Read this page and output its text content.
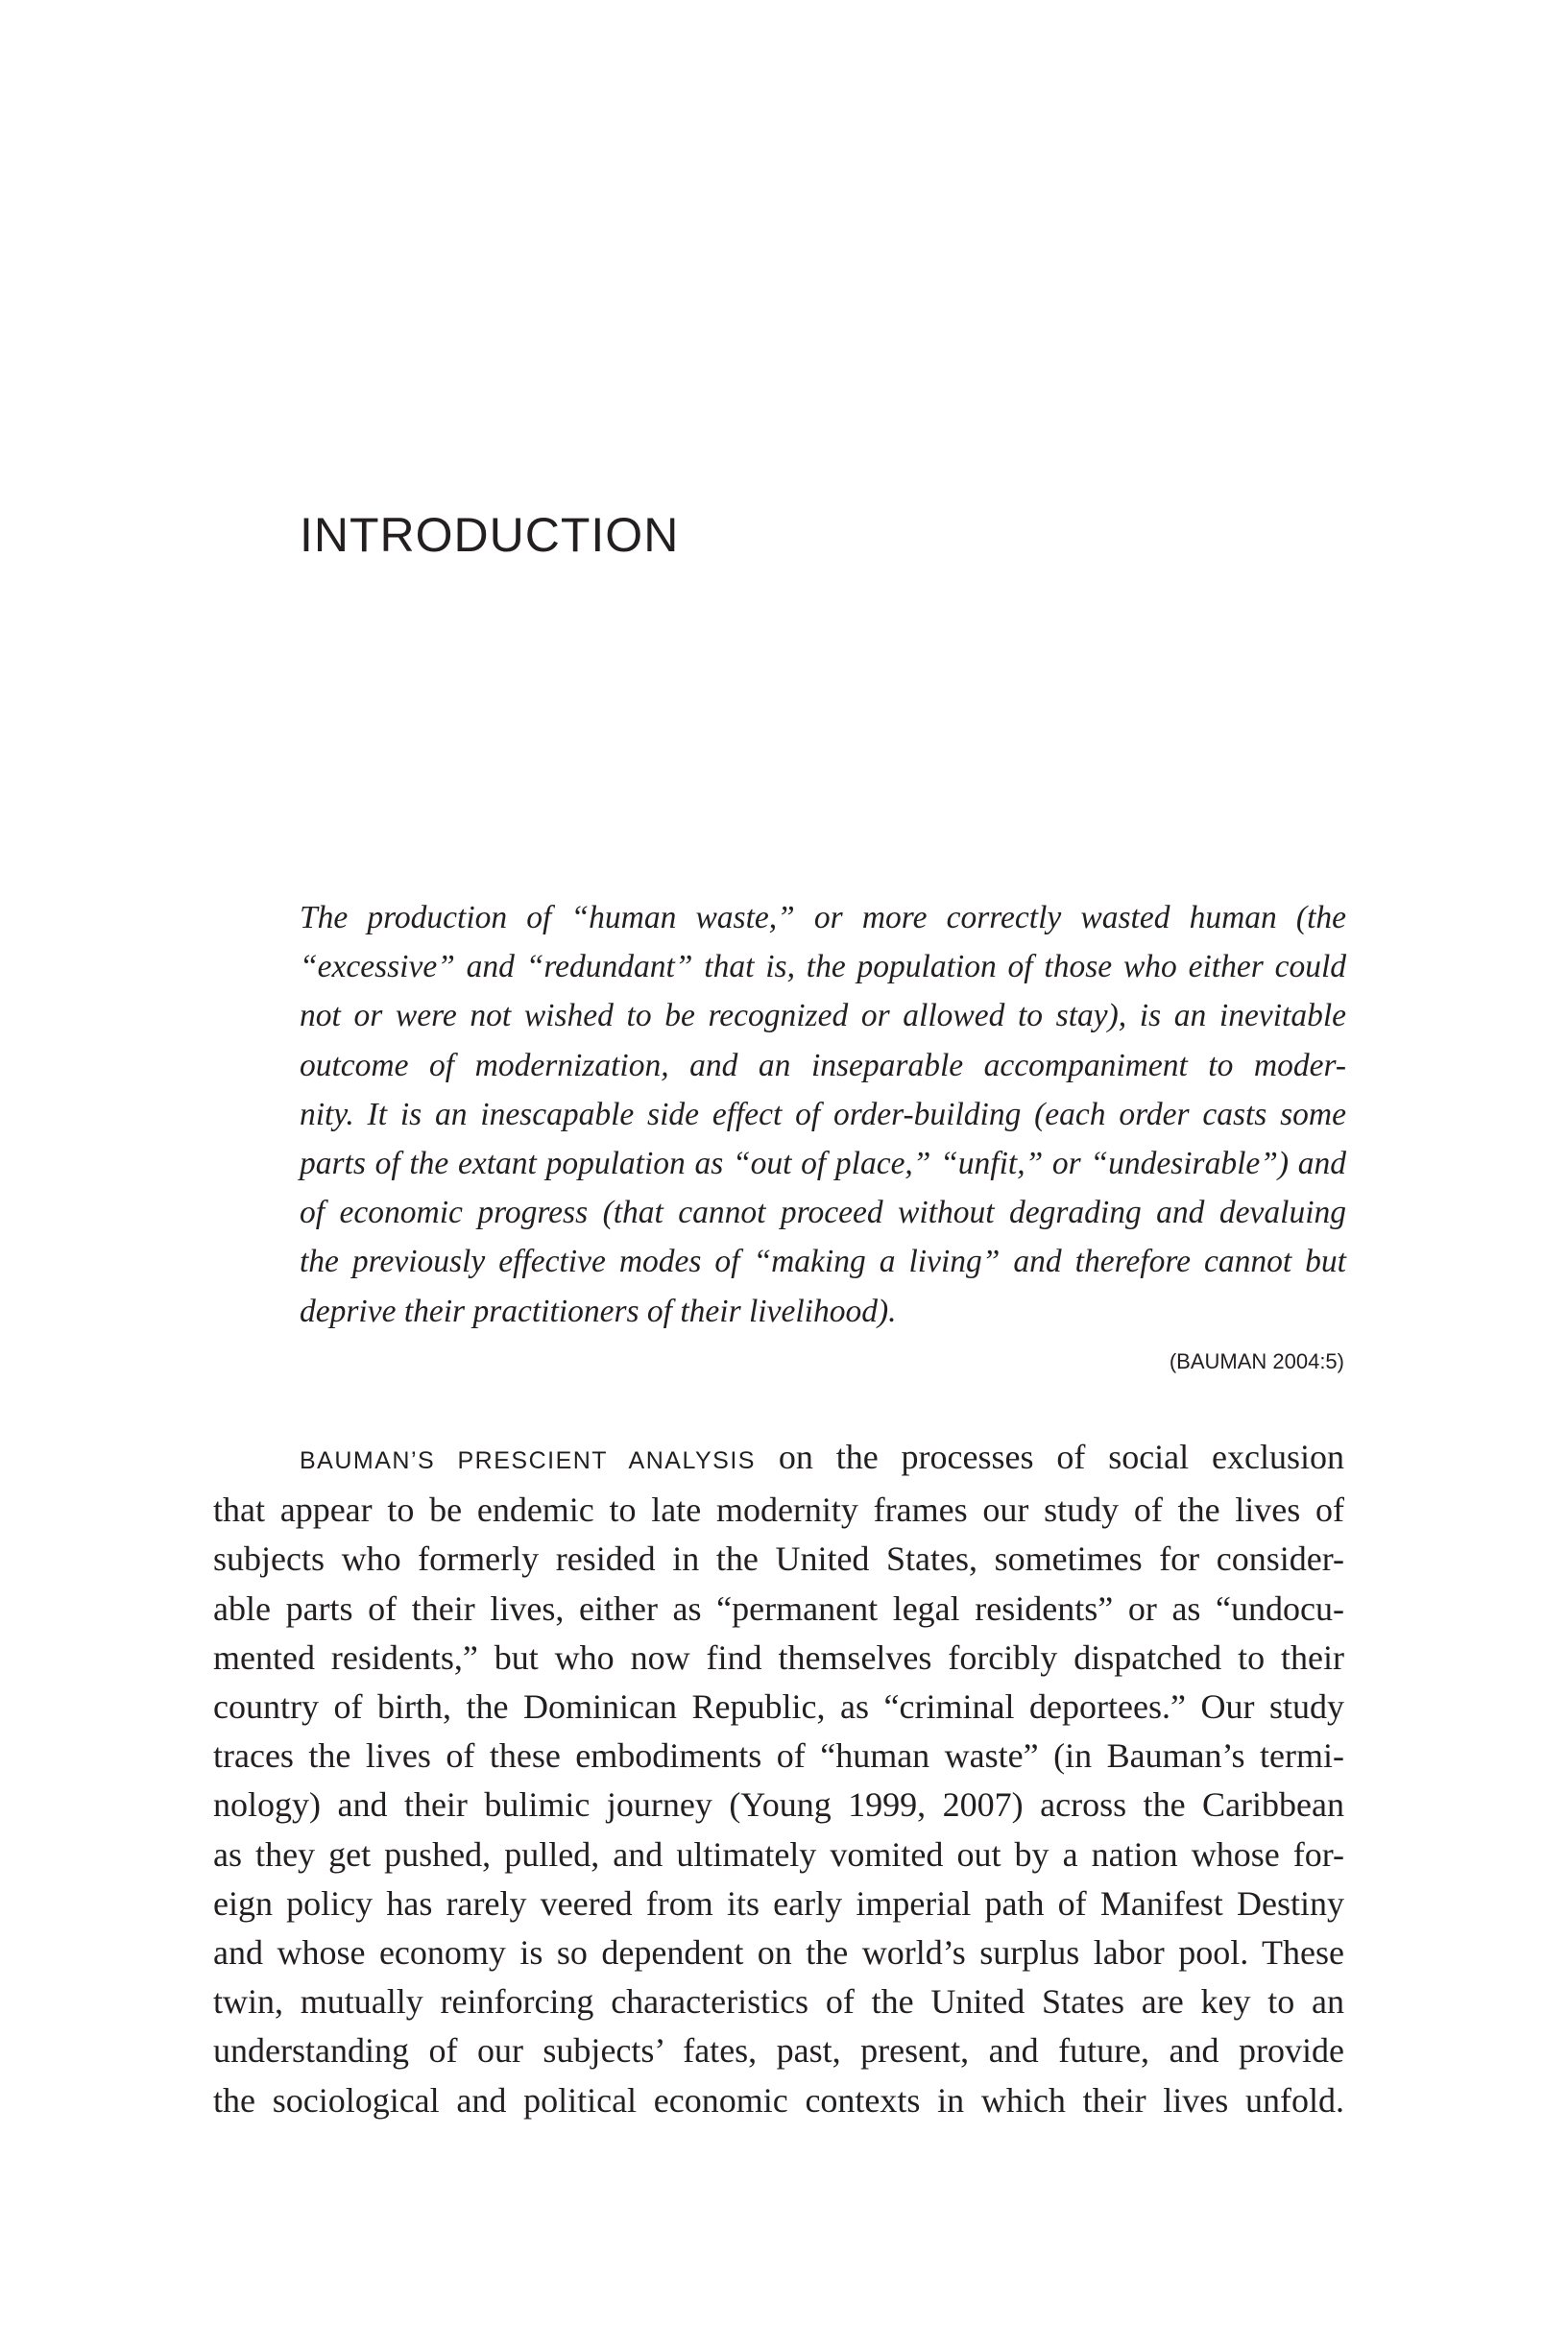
INTRODUCTION
The production of “human waste,” or more correctly wasted human (the
“excessive” and “redundant” that is, the population of those who either could
not or were not wished to be recognized or allowed to stay), is an inevitable
outcome of modernization, and an inseparable accompaniment to moder-
nity. It is an inescapable side effect of order-building (each order casts some
parts of the extant population as “out of place,” “unfit,” or “undesirable”) and
of economic progress (that cannot proceed without degrading and devaluing
the previously effective modes of “making a living” and therefore cannot but
deprive their practitioners of their livelihood).

(BAUMAN 2004:5)

BAUMAN’S PRESCIENT ANALYSIS on the processes of social exclusion
that appear to be endemic to late modernity frames our study of the lives of
subjects who formerly resided in the United States, sometimes for consider-
able parts of their lives, either as “permanent legal residents” or as “undocu-
mented residents,” but who now find themselves forcibly dispatched to their
country of birth, the Dominican Republic, as “criminal deportees.” Our study
traces the lives of these embodiments of “human waste” (in Bauman’s termi-
nology) and their bulimic journey (Young 1999, 2007) across the Caribbean
as they get pushed, pulled, and ultimately vomited out by a nation whose for-
eign policy has rarely veered from its early imperial path of Manifest Destiny
and whose economy is so dependent on the world’s surplus labor pool. These
twin, mutually reinforcing characteristics of the United States are key to an
understanding of our subjects’ fates, past, present, and future, and provide
the sociological and political economic contexts in which their lives unfold.
